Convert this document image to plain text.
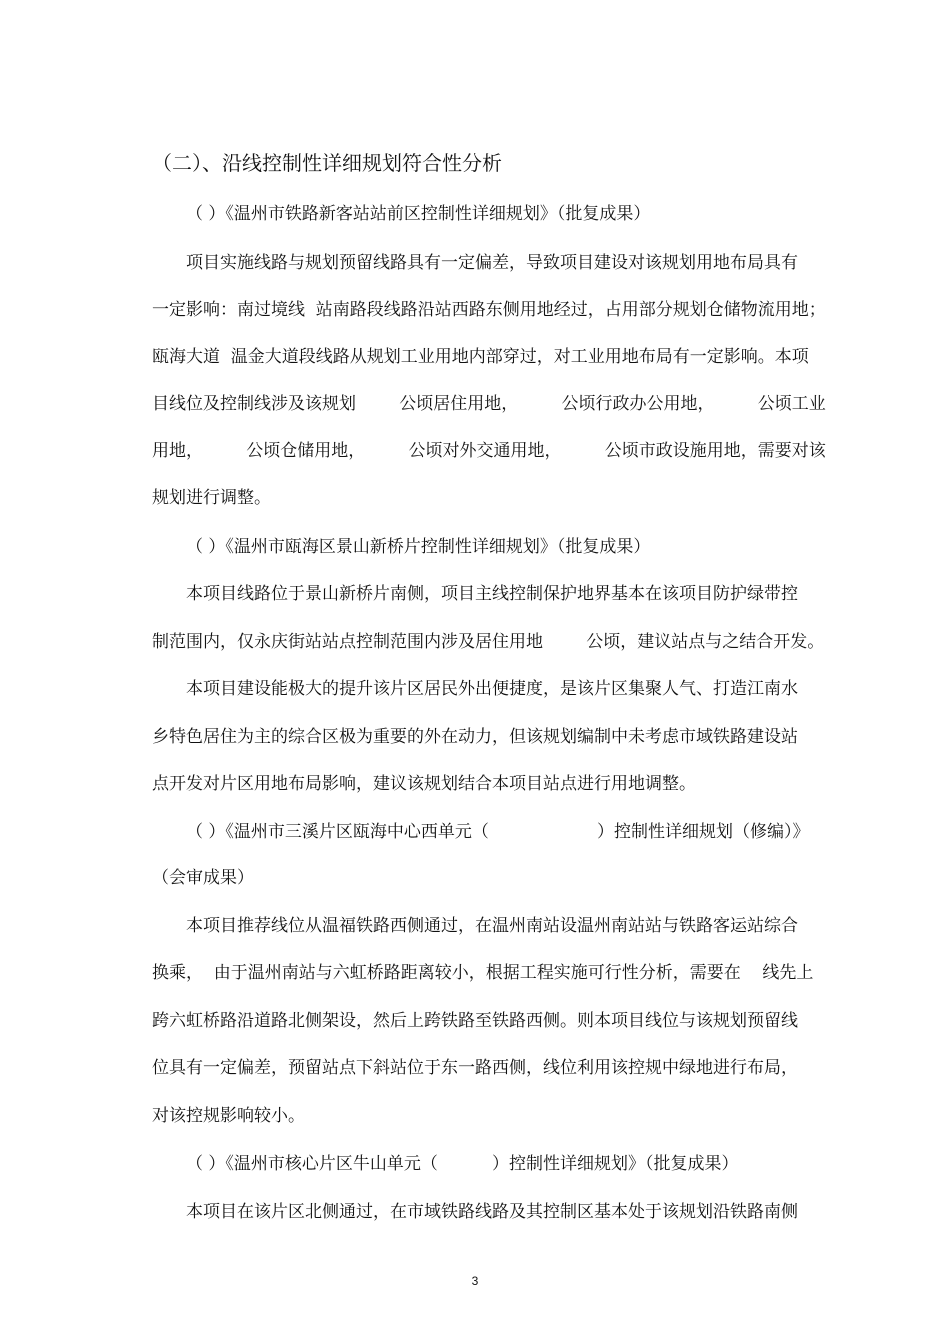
（二）、沿线控制性详细规划符合性分析
（ ）《温州市铁路新客站站前区控制性详细规划》（批复成果）
项目实施线路与规划预留线路具有一定偏差，导致项目建设对该规划用地布局具有
一定影响：南过境线  站南路段线路沿站西路东侧用地经过，占用部分规划仓储物流用地；
瓯海大道  温金大道段线路从规划工业用地内部穿过，对工业用地布局有一定影响。本项
目线位及控制线涉及该规划        公顷居住用地，        公顷行政办公用地，        公顷工业
用地，        公顷仓储用地，        公顷对外交通用地，        公顷市政设施用地，需要对该
规划进行调整。
（ ）《温州市瓯海区景山新桥片控制性详细规划》（批复成果）
本项目线路位于景山新桥片南侧，项目主线控制保护地界基本在该项目防护绿带控
制范围内，仅永庆街站站点控制范围内涉及居住用地        公顷，建议站点与之结合开发。
本项目建设能极大的提升该片区居民外出便捷度，是该片区集聚人气、打造江南水
乡特色居住为主的综合区极为重要的外在动力，但该规划编制中未考虑市域铁路建设站
点开发对片区用地布局影响，建议该规划结合本项目站点进行用地调整。
（ ）《温州市三溪片区瓯海中心西单元（                    ）控制性详细规划（修编）》
（会审成果）
本项目推荐线位从温福铁路西侧通过，在温州南站设温州南站站与铁路客运站综合
换乘，  由于温州南站与六虹桥路距离较小，根据工程实施可行性分析，需要在    线先上
跨六虹桥路沿道路北侧架设，然后上跨铁路至铁路西侧。则本项目线位与该规划预留线
位具有一定偏差，预留站点下斜站位于东一路西侧，线位利用该控规中绿地进行布局，
对该控规影响较小。
（ ）《温州市核心片区牛山单元（          ）控制性详细规划》（批复成果）
本项目在该片区北侧通过，在市域铁路线路及其控制区基本处于该规划沿铁路南侧
3
